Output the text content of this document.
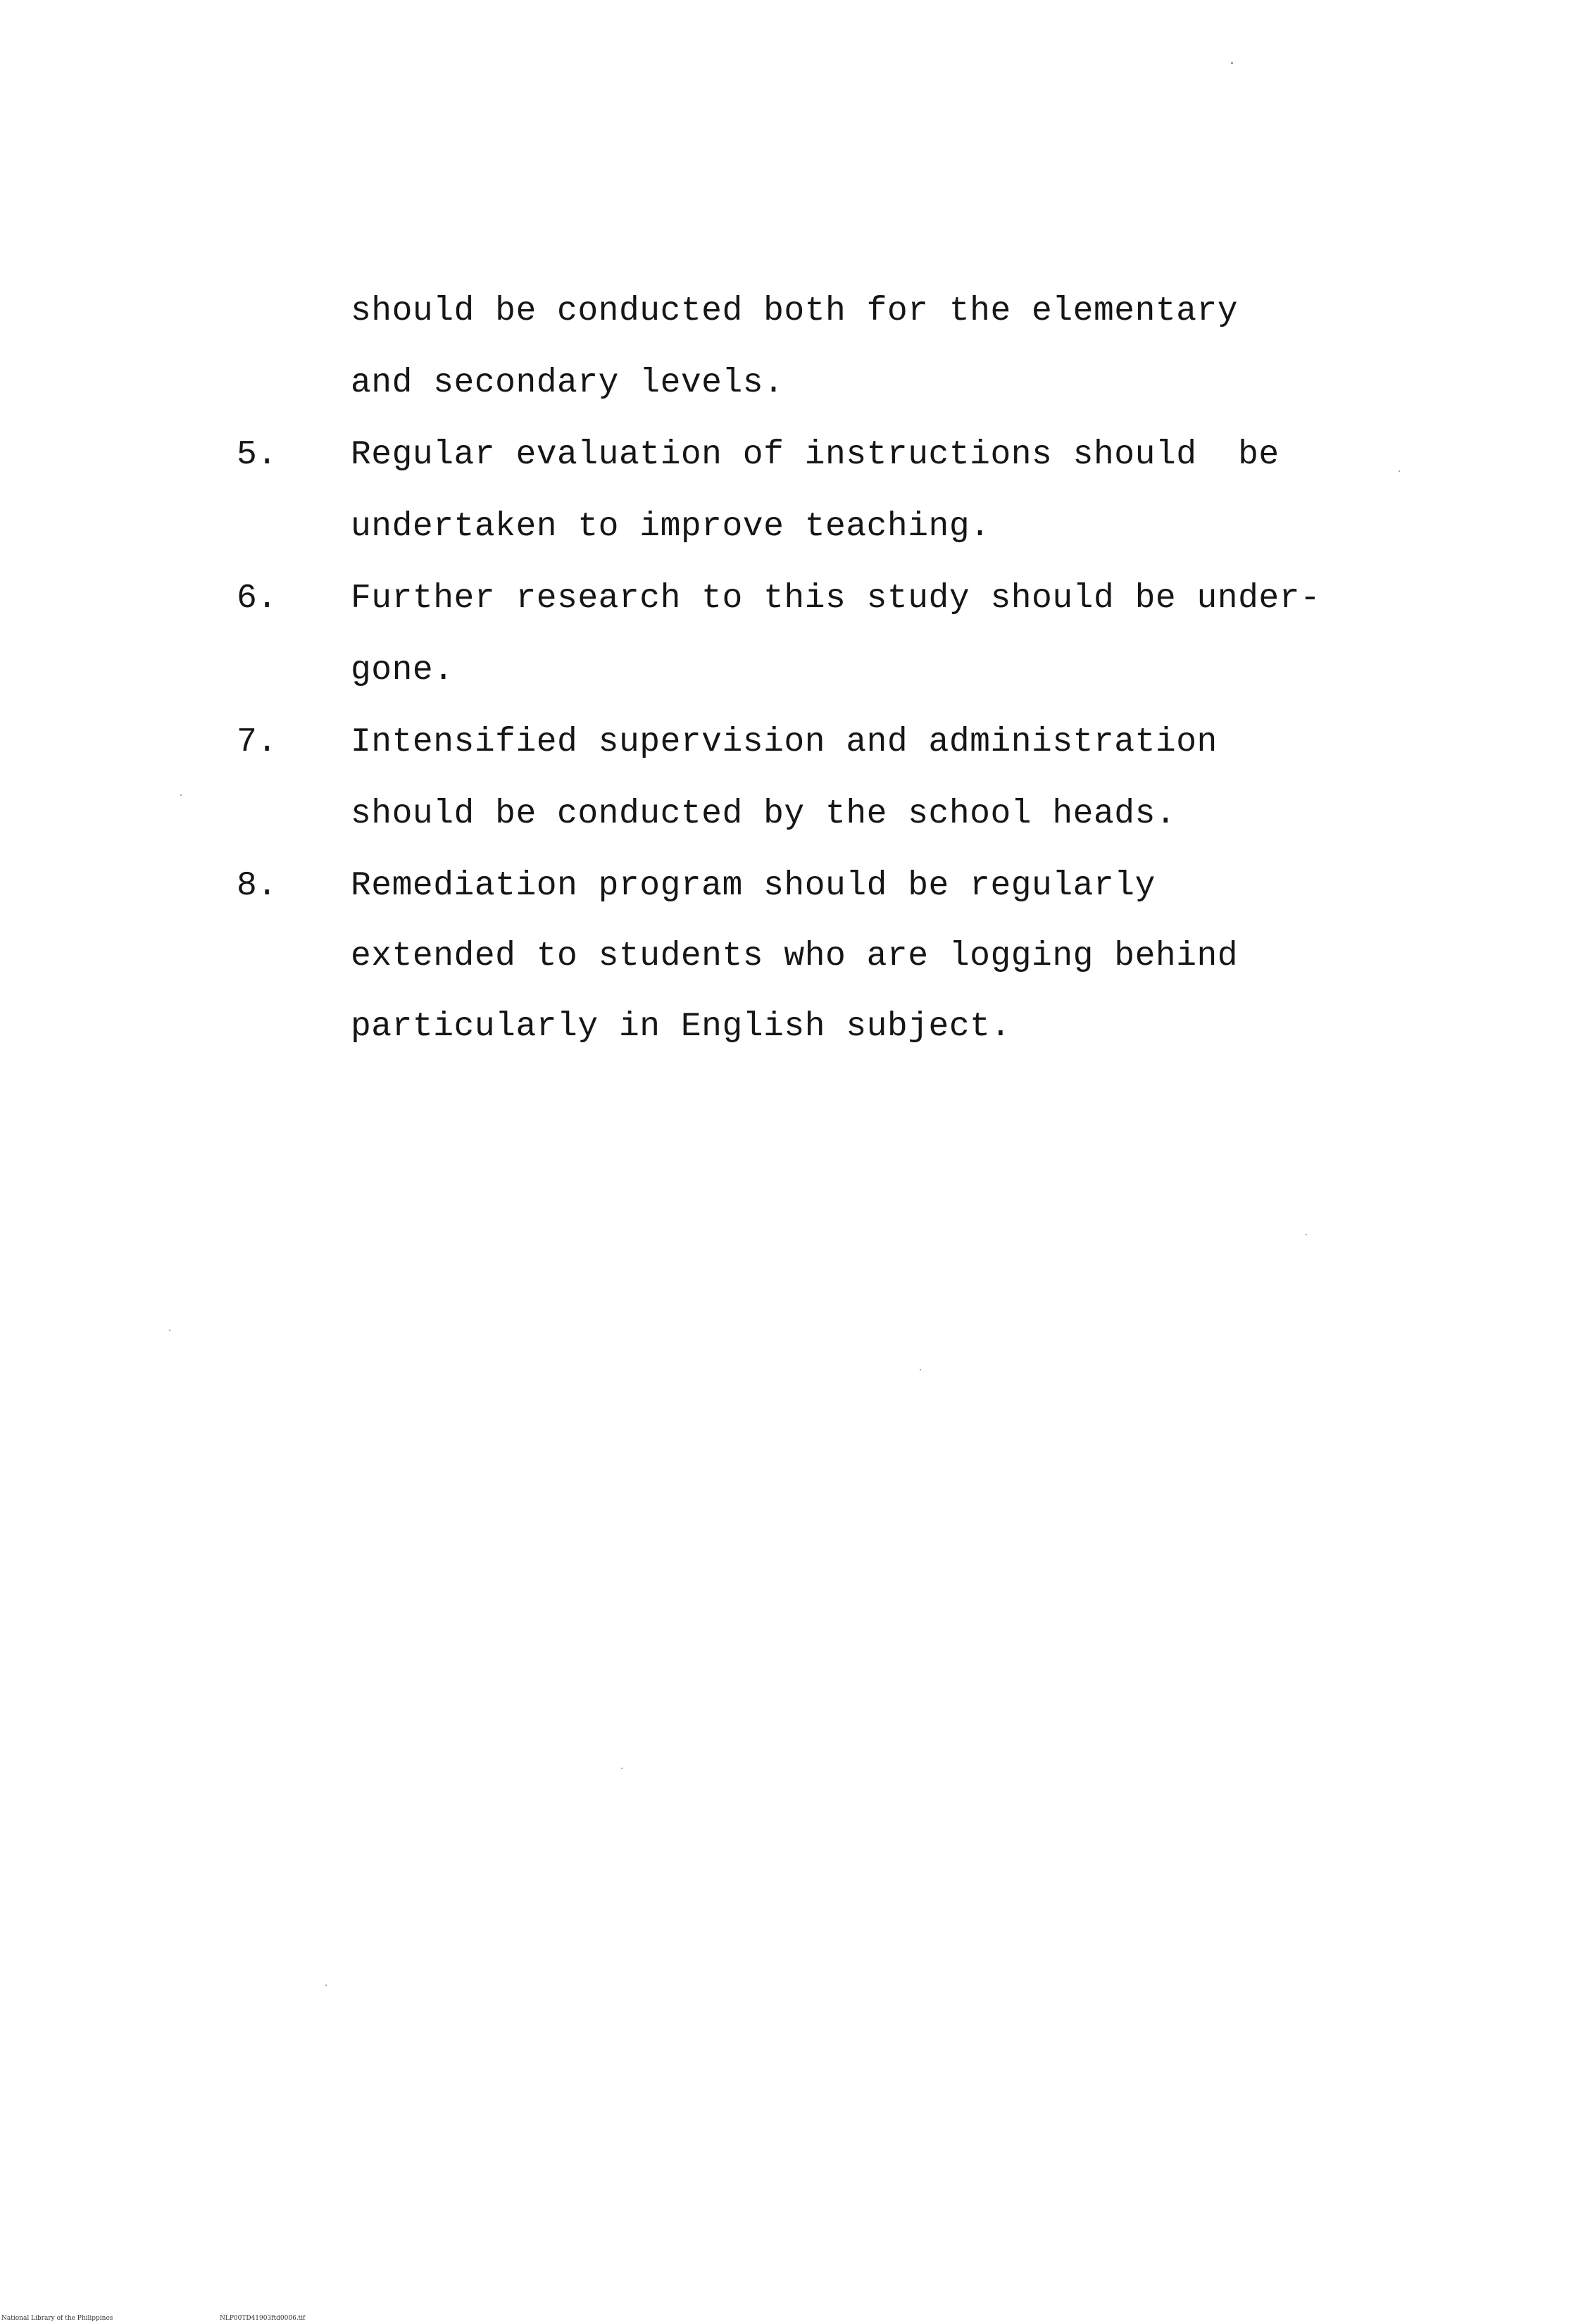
should be conducted both for the elementary
and secondary levels.
5. Regular evaluation of instructions should  be
undertaken to improve teaching.
6. Further research to this study should be under-
gone.
7. Intensified supervision and administration
should be conducted by the school heads.
8. Remediation program should be regularly
extended to students who are logging behind
particularly in English subject.
National Library of the Philippines	NLP00TD41903ftd0006.tif
